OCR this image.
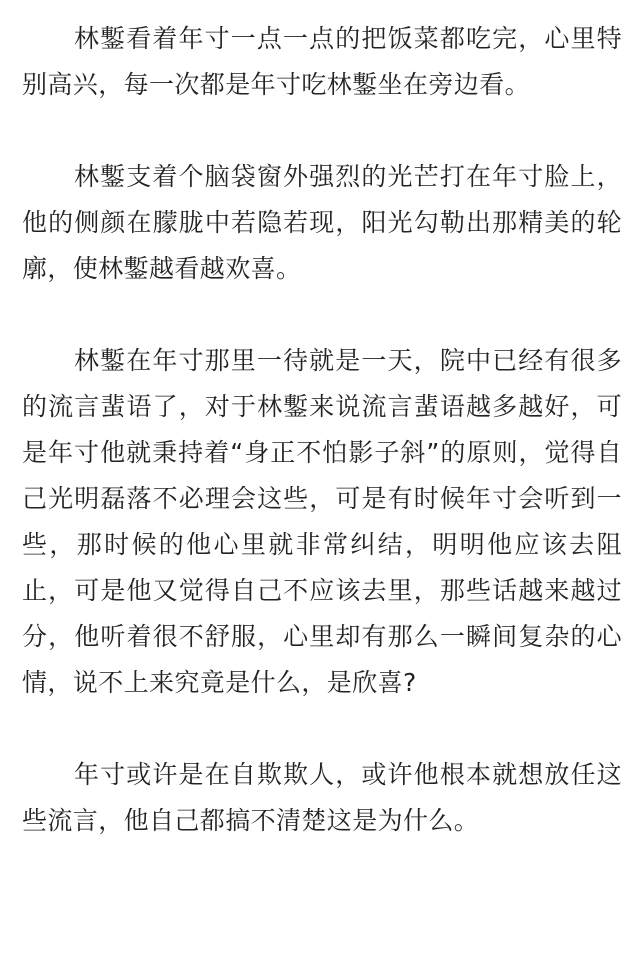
林鏨看着年寸一点一点的把饭菜都吃完，心里特别高兴，每一次都是年寸吃林鏨坐在旁边看。

林鏨支着个脑袋窗外强烈的光芒打在年寸脸上，他的侧颜在朦胧中若隐若现，阳光勾勒出那精美的轮廓，使林鏨越看越欢喜。

林鏨在年寸那里一待就是一天，院中已经有很多的流言蜚语了，对于林鏨来说流言蜚语越多越好，可是年寸他就秉持着“身正不怕影子斜”的原则，觉得自己光明磊落不必理会这些，可是有时候年寸会听到一些，那时候的他心里就非常纠结，明明他应该去阻止，可是他又觉得自己不应该去里，那些话越来越过分，他听着很不舒服，心里却有那么一瞬间复杂的心情，说不上来究竟是什么，是欣喜?

年寸或许是在自欺欺人，或许他根本就想放任这些流言，他自己都搞不清楚这是为什么。
